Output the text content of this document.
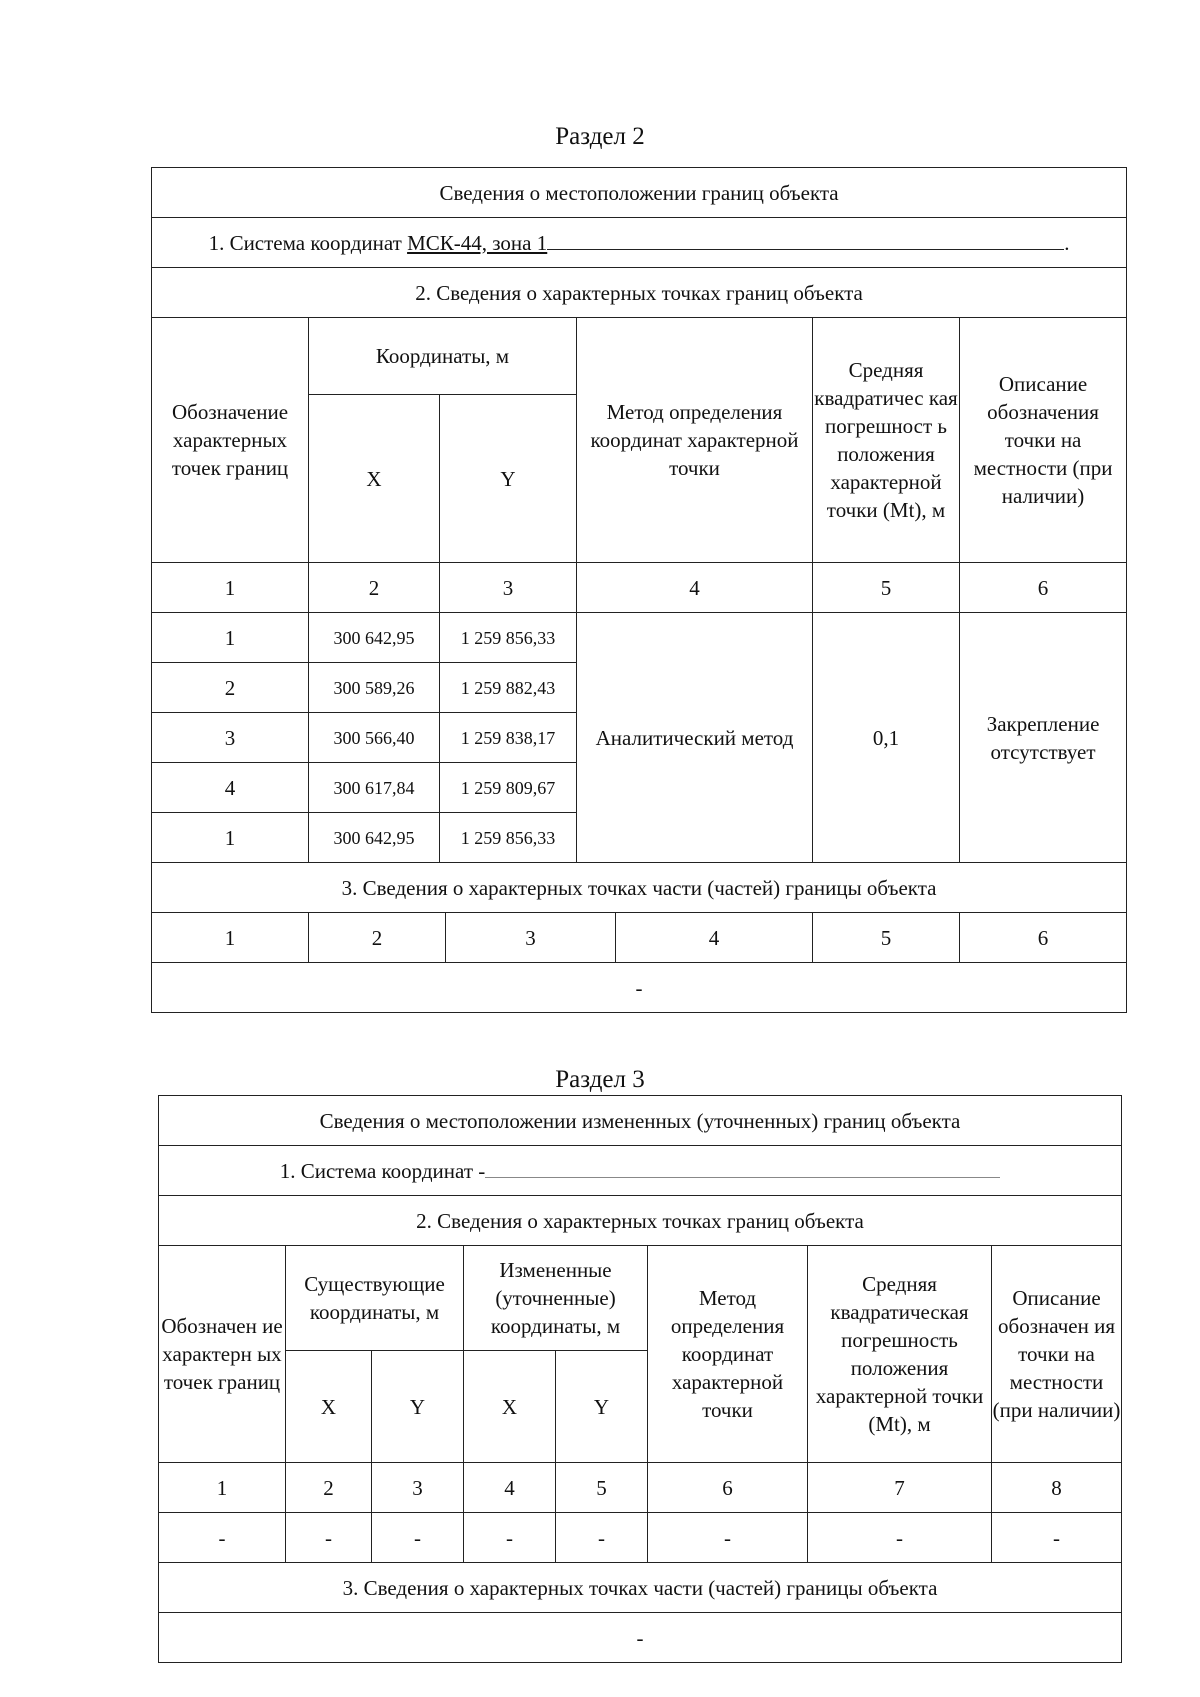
Раздел 2
Сведения о местоположении границ объекта							
1. Система координат МСК-44, зона 1 .							
2. Сведения о характерных точках границ объекта							
Обозначение характерных точек границ	Координаты, м			Метод определения координат характерной точки		Средняя квадратичес кая погрешност ь положения характерной точки (Mt), м	Описание обозначения точки на местности (при наличии)
	X	Y					
1	2	3		4		5	6
1	300 642,95	1 259 856,33		Аналитический метод		0,1	Закрепление отсутствует
2	300 589,26	1 259 882,43					
3	300 566,40	1 259 838,17					
4	300 617,84	1 259 809,67					
1	300 642,95	1 259 856,33					
3. Сведения о характерных точках части (частей) границы объекта							
1	2		3		4	5	6
-							
Раздел 3
Сведения о местоположении измененных (уточненных) границ объекта							
1. Система координат -							
2. Сведения о характерных точках границ объекта							
Обозначен ие характерн ых точек границ	Существующие координаты, м		Измененные (уточненные) координаты, м		Метод определения координат характерной точки	Средняя квадратическая погрешность положения характерной точки (Mt), м	Описание обозначен ия точки на местности (при наличии)
	X	Y	X	Y			
1	2	3	4	5	6	7	8
-	-	-	-	-	-	-	-
3. Сведения о характерных точках части (частей) границы объекта							
-							
